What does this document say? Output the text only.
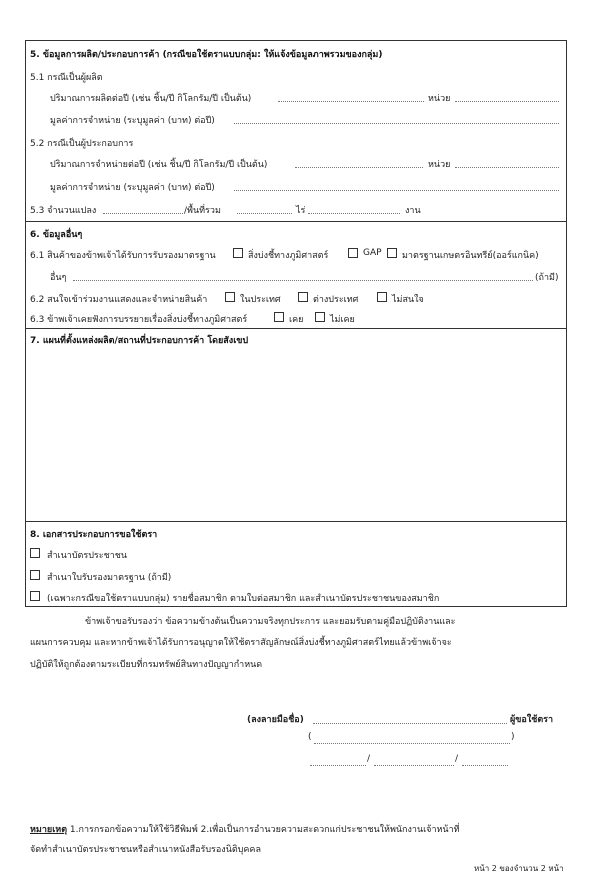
5. ข้อมูลการผลิต/ประกอบการค้า (กรณีขอใช้ตราแบบกลุ่ม: ให้แจ้งข้อมูลภาพรวมของกลุ่ม)
5.1 กรณีเป็นผู้ผลิต
ปริมาณการผลิตต่อปี (เช่น ชิ้น/ปี กิโลกรัม/ปี เป็นต้น)	หน่วย
มูลค่าการจำหน่าย (ระบุมูลค่า (บาท) ต่อปี)
5.2 กรณีเป็นผู้ประกอบการ
ปริมาณการจำหน่ายต่อปี (เช่น ชิ้น/ปี กิโลกรัม/ปี เป็นต้น)	หน่วย
มูลค่าการจำหน่าย (ระบุมูลค่า (บาท) ต่อปี)
5.3 จำนวนแปลง	/พื้นที่รวม	ไร่	งาน
6. ข้อมูลอื่นๆ
6.1 สินค้าของข้าพเจ้าได้รับการรับรองมาตรฐาน	สิ่งบ่งชี้ทางภูมิศาสตร์	GAP มาตรฐานเกษตรอินทรีย์(ออร์แกนิค)
อื่นๆ	(ถ้ามี)
6.2 สนใจเข้าร่วมงานแสดงและจำหน่ายสินค้า	ในประเทศ	ต่างประเทศ	ไม่สนใจ
6.3 ข้าพเจ้าเคยฟังการบรรยายเรื่องสิ่งบ่งชี้ทางภูมิศาสตร์	เคย	ไม่เคย
7. แผนที่ตั้งแหล่งผลิต/สถานที่ประกอบการค้า โดยสังเขป
8. เอกสารประกอบการขอใช้ตรา
สำเนาบัตรประชาชน
สำเนาใบรับรองมาตรฐาน (ถ้ามี)
(เฉพาะกรณีขอใช้ตราแบบกลุ่ม) รายชื่อสมาชิก ตามใบต่อสมาชิก และสำเนาบัตรประชาชนของสมาชิก
ข้าพเจ้าขอรับรองว่า ข้อความข้างต้นเป็นความจริงทุกประการ และยอมรับตามคู่มือปฏิบัติงานและ
แผนการควบคุม และหากข้าพเจ้าได้รับการอนุญาตให้ใช้ตราสัญลักษณ์สิ่งบ่งชี้ทางภูมิศาสตร์ไทยแล้วข้าพเจ้าจะ
ปฏิบัติให้ถูกต้องตามระเบียบที่กรมทรัพย์สินทางปัญญากำหนด
(ลงลายมือชื่อ)	ผู้ขอใช้ตรา
(	)
/	/
หมายเหตุ 1.การกรอกข้อความให้ใช้วิธีพิมพ์ 2.เพื่อเป็นการอำนวยความสะดวกแก่ประชาชนให้พนักงานเจ้าหน้าที่
จัดทำสำเนาบัตรประชาชนหรือสำเนาหนังสือรับรองนิติบุคคล
หน้า 2 ของจำนวน 2 หน้า
